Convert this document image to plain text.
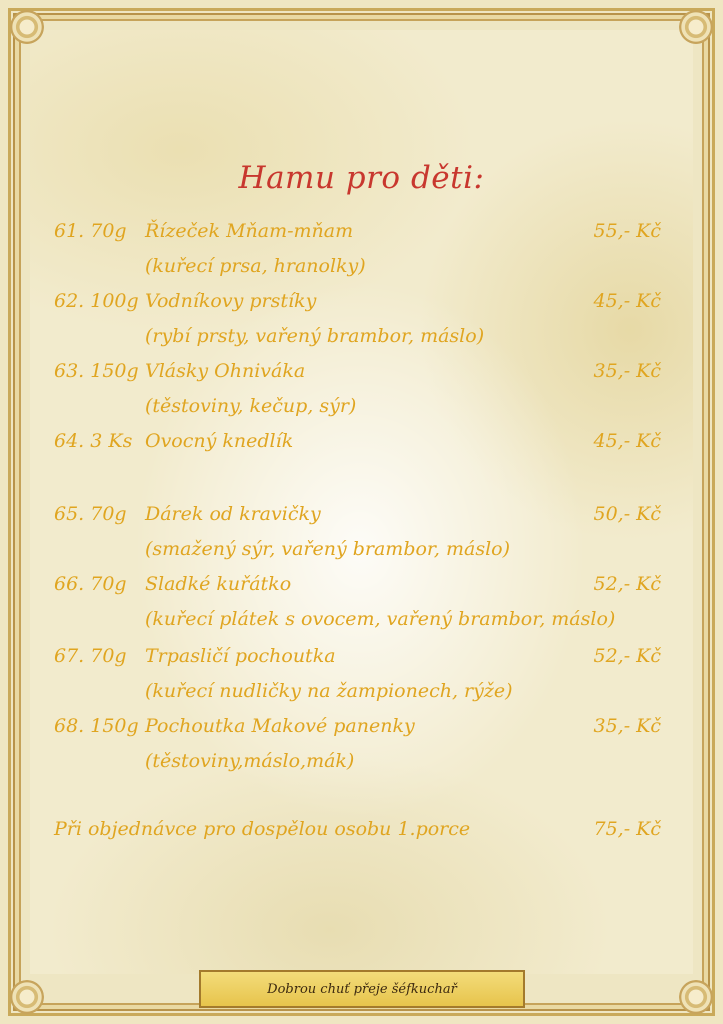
Hamu pro děti:
61. 70g Řízeček Mňam-mňam	55,- Kč
(kuřecí prsa, hranolky)
62. 100g Vodníkovy prstíky	45,- Kč
(rybí prsty, vařený brambor, máslo)
63. 150g Vlásky Ohniváka	35,- Kč
(těstoviny, kečup, sýr)
64. 3 Ks Ovocný knedlík	45,- Kč
65. 70g Dárek od kravičky	50,- Kč
(smažený sýr, vařený brambor, máslo)
66. 70g Sladké kuřátko	52,- Kč
(kuřecí plátek s ovocem, vařený brambor, máslo)
67. 70g Trpasličí pochoutka	52,- Kč
(kuřecí nudličky na žampionech, rýže)
68. 150g Pochoutka Makové panenky	35,- Kč
(těstoviny,máslo,mák)
Při objednávce pro dospělou osobu 1.porce	75,- Kč
Dobrou chuť přeje šéfkuchař
